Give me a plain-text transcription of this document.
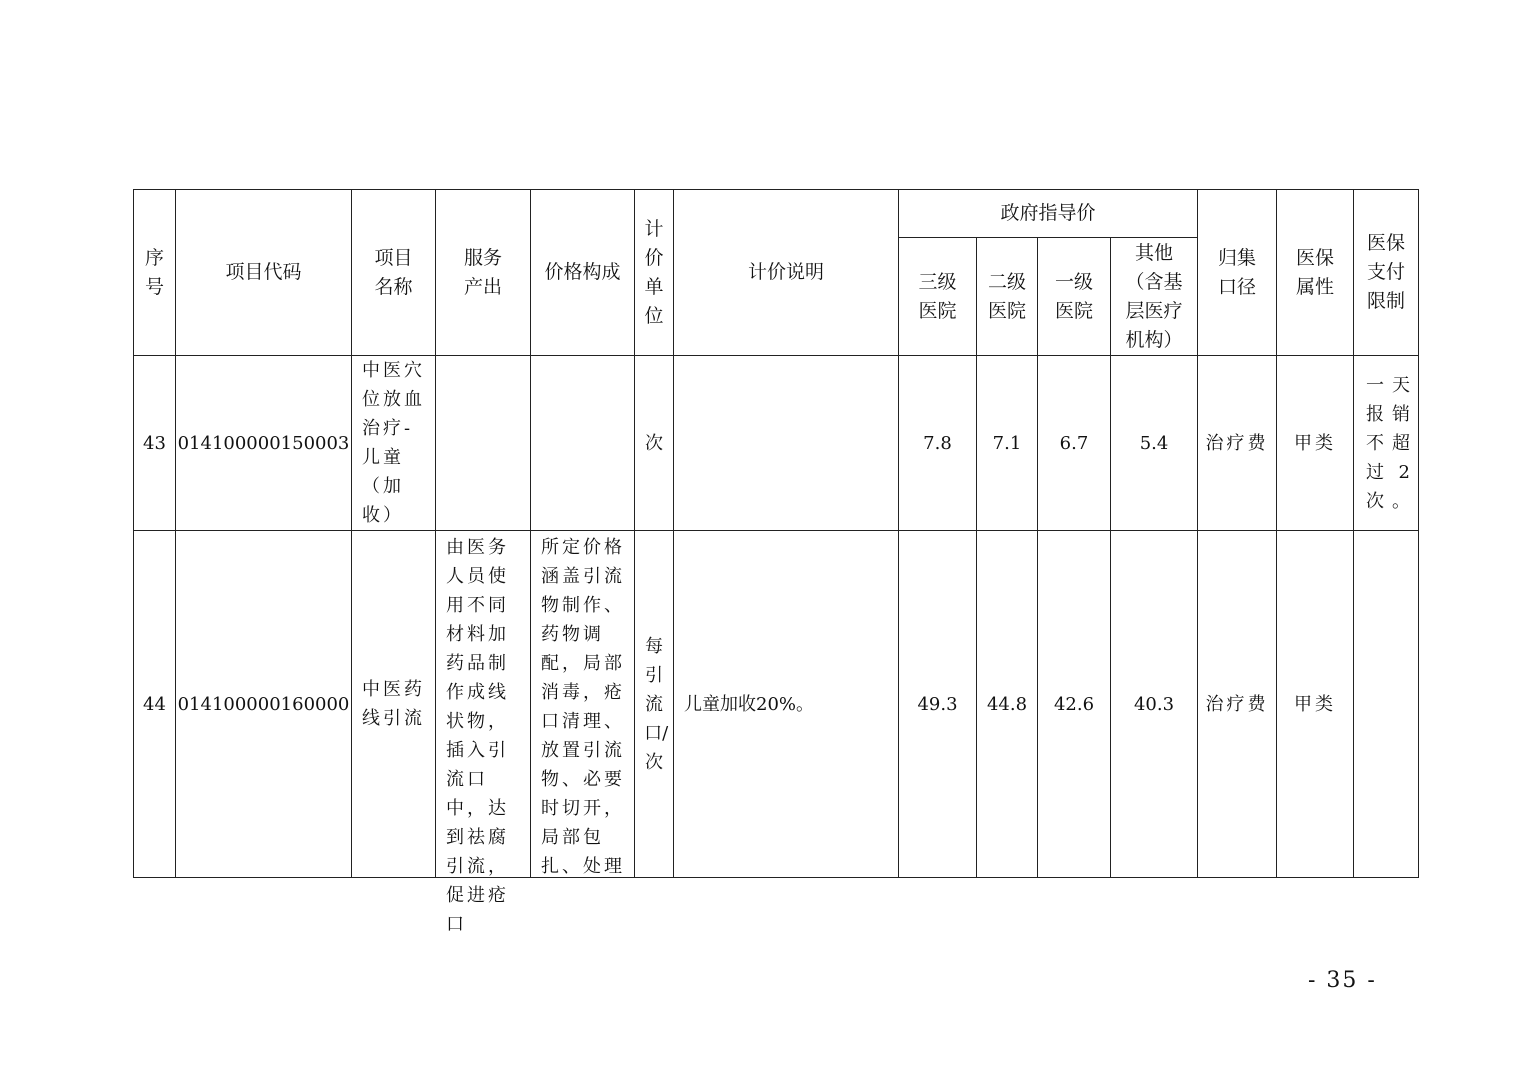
序号	项目代码	项目名称	服务产出	价格构成	计价单位	计价说明	政府指导价				归集口径	医保属性	医保支付限制
							三级医院	二级医院	一级医院	其他（含基层医疗机构）			
43	014100000150003	中医穴位放血治疗-儿童（加收）			次		7.8	7.1	6.7	5.4	治疗费	甲类	一天报销不超过2次。
44	014100000160000	中医药线引流	由医务人员使用不同材料加药品制作成线状物，插入引流口中，达到祛腐引流，促进疮口	所定价格涵盖引流物制作、药物调配，局部消毒，疮口清理、放置引流物、必要时切开，局部包扎、处理	每引流口/次	儿童加收20%。	49.3	44.8	42.6	40.3	治疗费	甲类	
- 35 -
